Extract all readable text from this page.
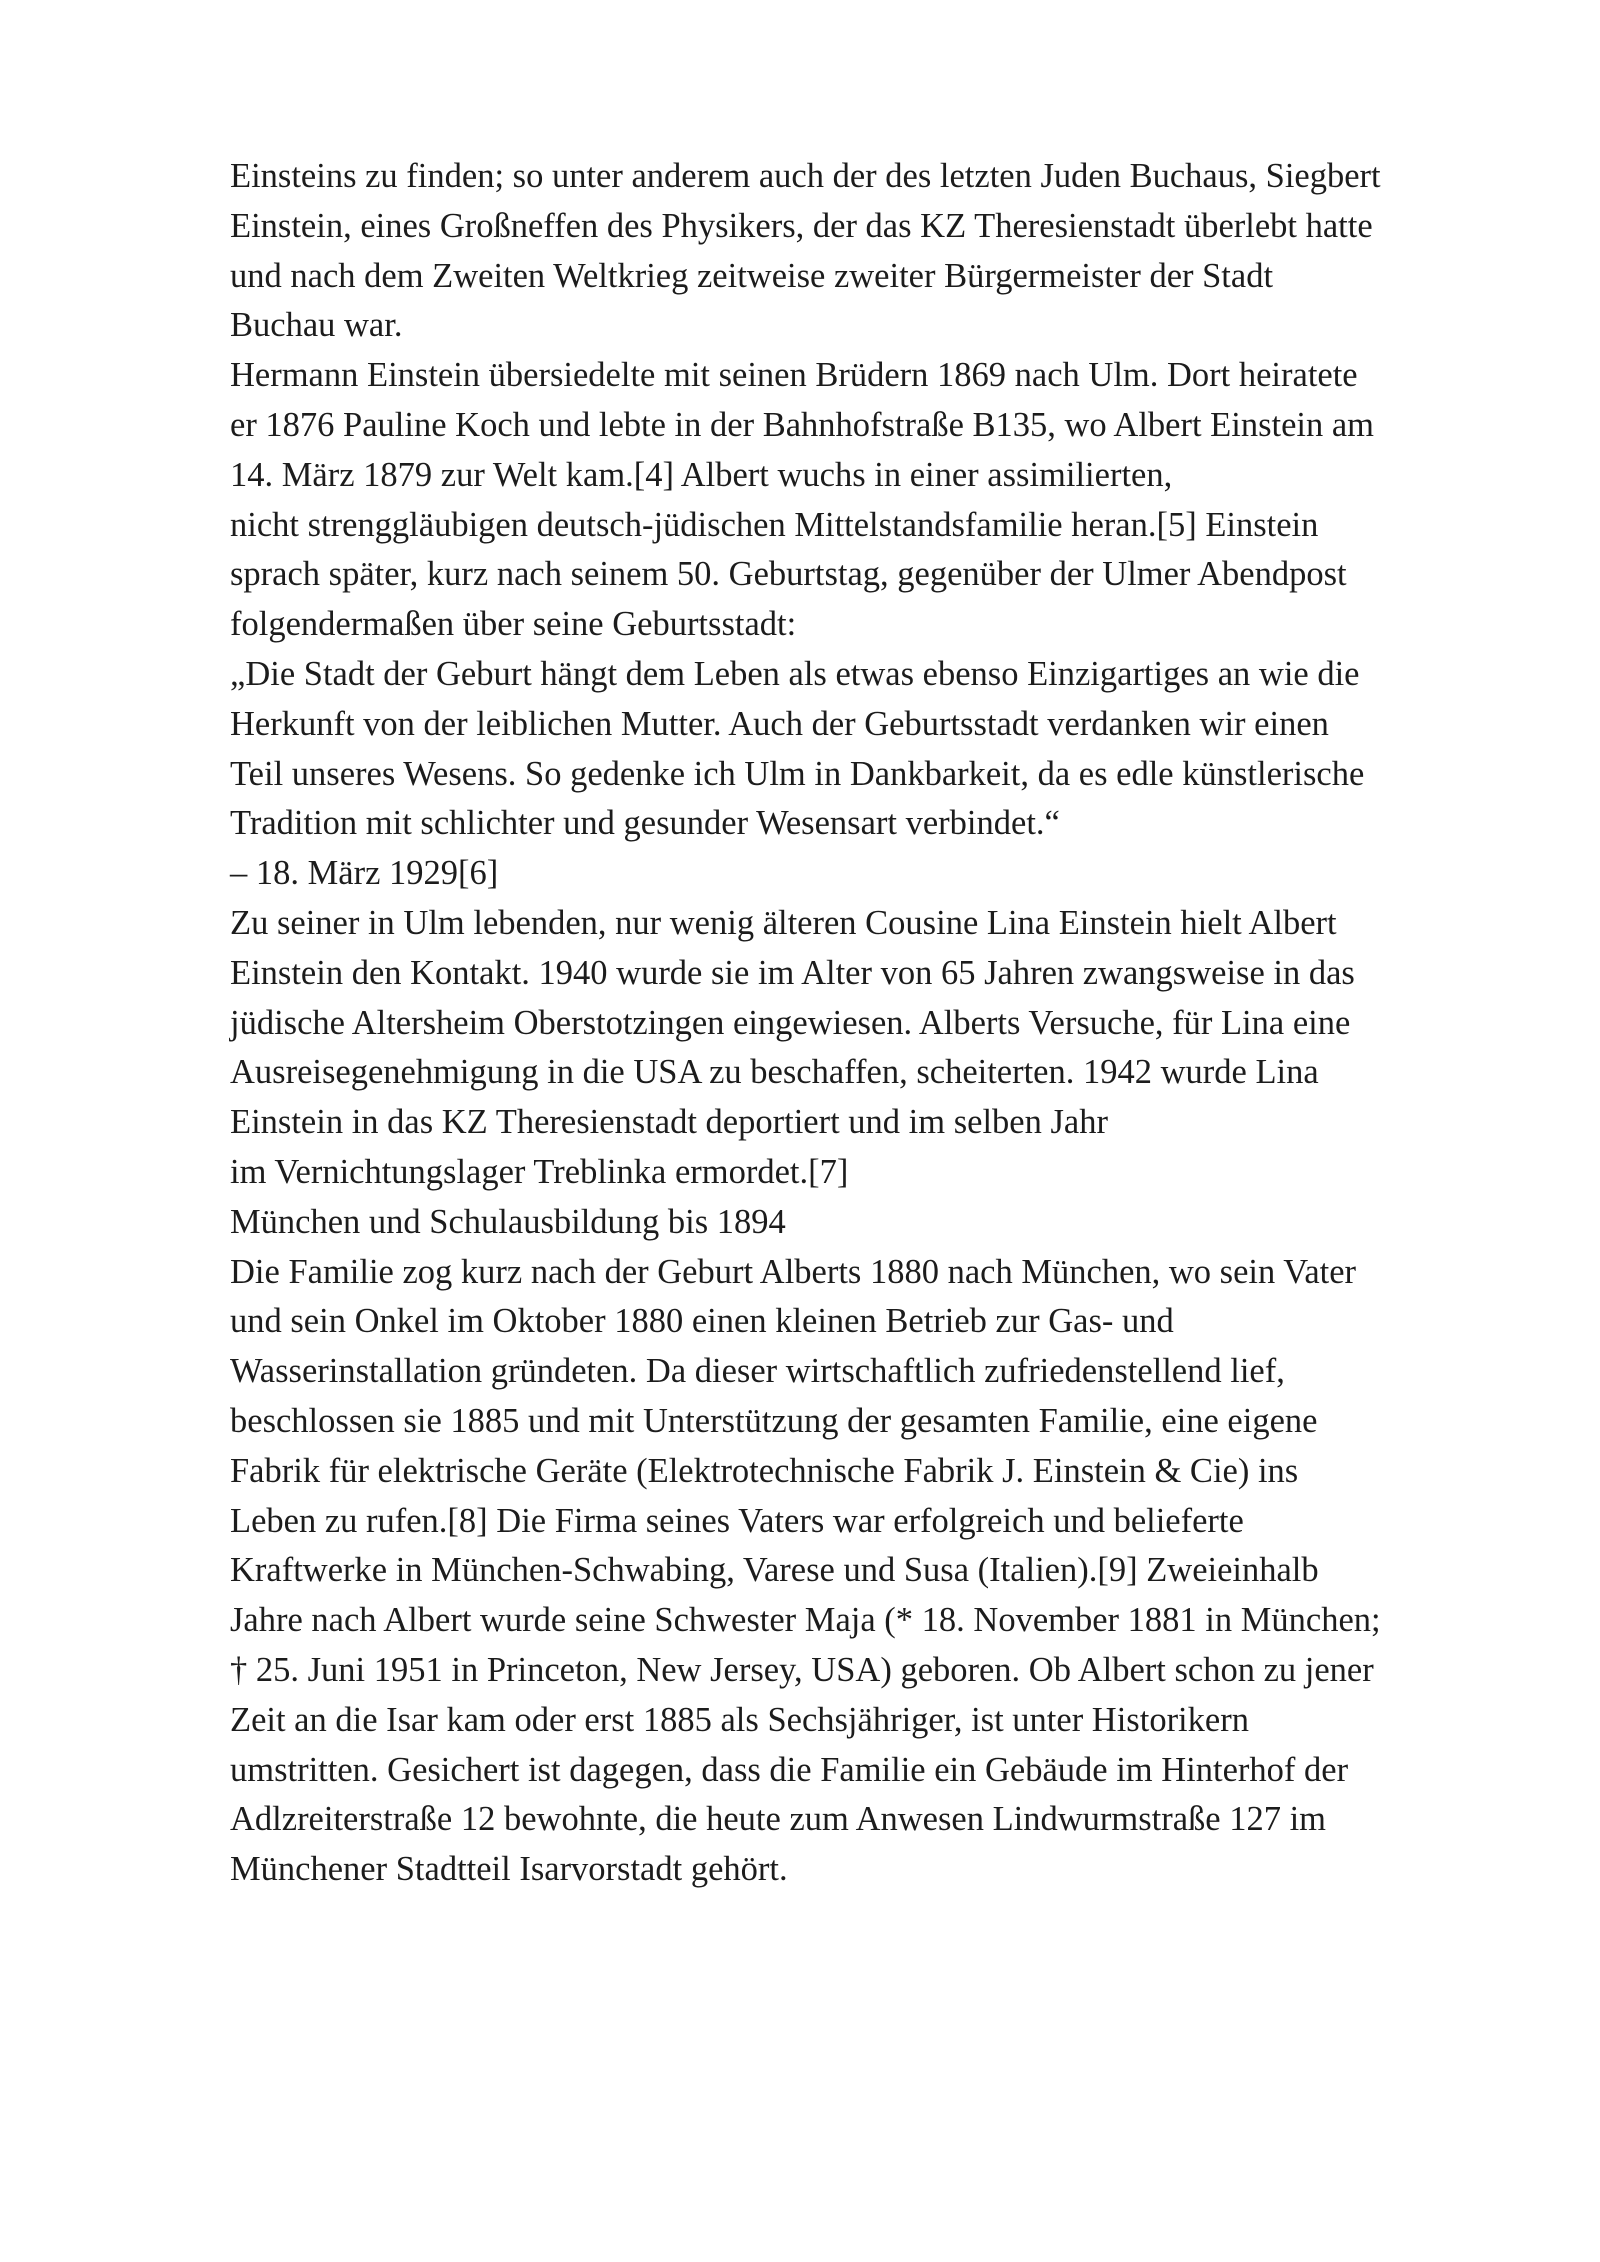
Einsteins zu finden; so unter anderem auch der des letzten Juden Buchaus, Siegbert
Einstein, eines Großneffen des Physikers, der das KZ Theresienstadt überlebt hatte
und nach dem Zweiten Weltkrieg zeitweise zweiter Bürgermeister der Stadt
Buchau war.
Hermann Einstein übersiedelte mit seinen Brüdern 1869 nach Ulm. Dort heiratete
er 1876 Pauline Koch und lebte in der Bahnhofstraße B135, wo Albert Einstein am
14. März 1879 zur Welt kam.[4] Albert wuchs in einer assimilierten,
nicht strenggläubigen deutsch-jüdischen Mittelstandsfamilie heran.[5] Einstein
sprach später, kurz nach seinem 50. Geburtstag, gegenüber der Ulmer Abendpost
folgendermaßen über seine Geburtsstadt:
„Die Stadt der Geburt hängt dem Leben als etwas ebenso Einzigartiges an wie die
Herkunft von der leiblichen Mutter. Auch der Geburtsstadt verdanken wir einen
Teil unseres Wesens. So gedenke ich Ulm in Dankbarkeit, da es edle künstlerische
Tradition mit schlichter und gesunder Wesensart verbindet.“
– 18. März 1929[6]
Zu seiner in Ulm lebenden, nur wenig älteren Cousine Lina Einstein hielt Albert
Einstein den Kontakt. 1940 wurde sie im Alter von 65 Jahren zwangsweise in das
jüdische Altersheim Oberstotzingen eingewiesen. Alberts Versuche, für Lina eine
Ausreisegenehmigung in die USA zu beschaffen, scheiterten. 1942 wurde Lina
Einstein in das KZ Theresienstadt deportiert und im selben Jahr
im Vernichtungslager Treblinka ermordet.[7]
München und Schulausbildung bis 1894
Die Familie zog kurz nach der Geburt Alberts 1880 nach München, wo sein Vater
und sein Onkel im Oktober 1880 einen kleinen Betrieb zur Gas- und
Wasserinstallation gründeten. Da dieser wirtschaftlich zufriedenstellend lief,
beschlossen sie 1885 und mit Unterstützung der gesamten Familie, eine eigene
Fabrik für elektrische Geräte (Elektrotechnische Fabrik J. Einstein & Cie) ins
Leben zu rufen.[8] Die Firma seines Vaters war erfolgreich und belieferte
Kraftwerke in München-Schwabing, Varese und Susa (Italien).[9] Zweieinhalb
Jahre nach Albert wurde seine Schwester Maja (* 18. November 1881 in München;
† 25. Juni 1951 in Princeton, New Jersey, USA) geboren. Ob Albert schon zu jener
Zeit an die Isar kam oder erst 1885 als Sechsjähriger, ist unter Historikern
umstritten. Gesichert ist dagegen, dass die Familie ein Gebäude im Hinterhof der
Adlzreiterstraße 12 bewohnte, die heute zum Anwesen Lindwurmstraße 127 im
Münchener Stadtteil Isarvorstadt gehört.
